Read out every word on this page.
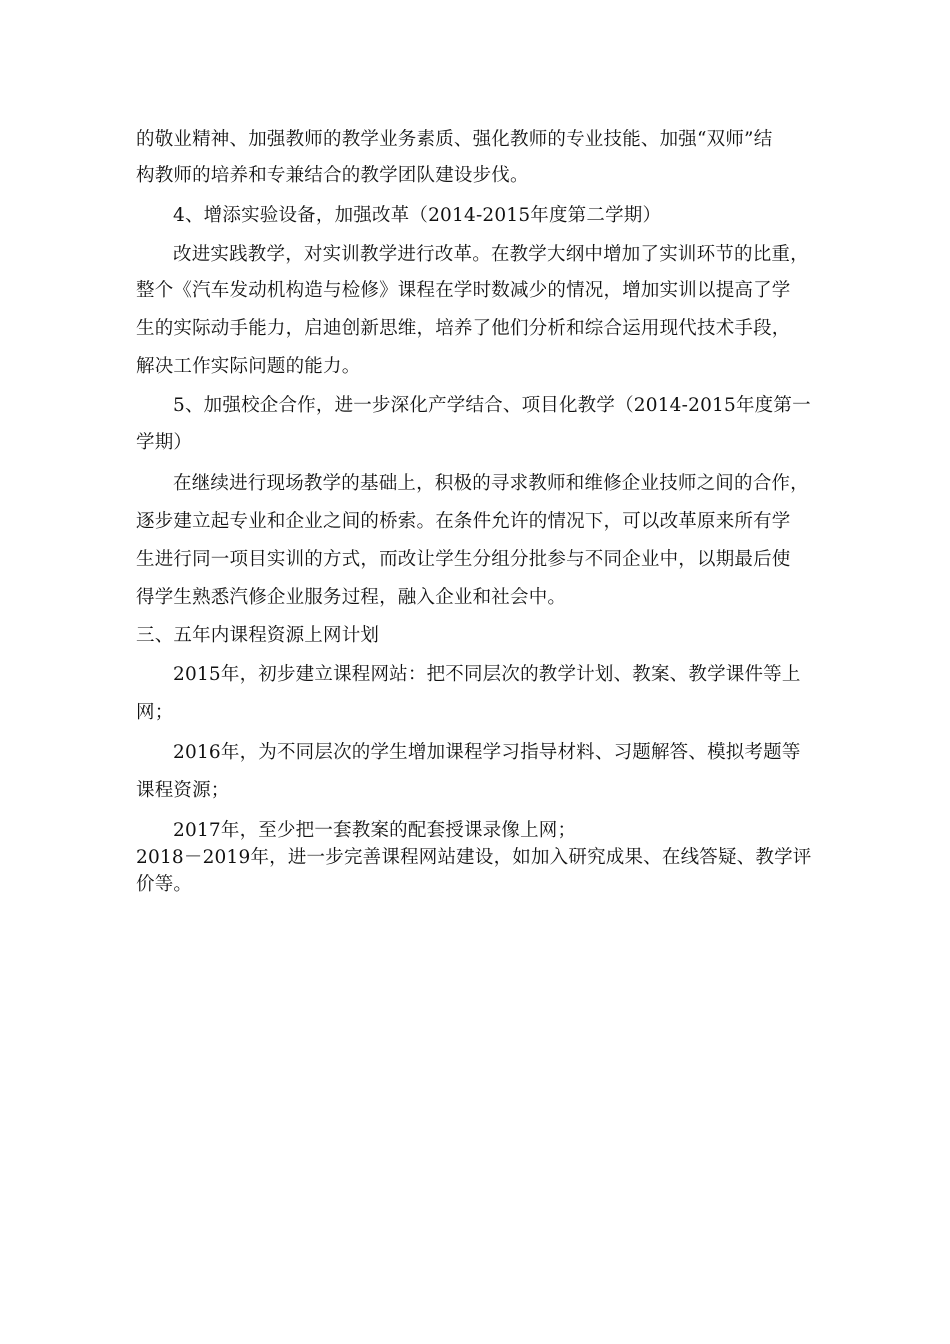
的敬业精神、加强教师的教学业务素质、强化教师的专业技能、加强“双师”结
构教师的培养和专兼结合的教学团队建设步伐。
4、增添实验设备，加强改革（2014-2015年度第二学期）
改进实践教学，对实训教学进行改革。在教学大纲中增加了实训环节的比重，
整个《汽车发动机构造与检修》课程在学时数减少的情况，增加实训以提高了学
生的实际动手能力，启迪创新思维，培养了他们分析和综合运用现代技术手段，
解决工作实际问题的能力。
5、加强校企合作，进一步深化产学结合、项目化教学（2014-2015年度第一
学期）
在继续进行现场教学的基础上，积极的寻求教师和维修企业技师之间的合作，
逐步建立起专业和企业之间的桥索。在条件允许的情况下，可以改革原来所有学
生进行同一项目实训的方式，而改让学生分组分批参与不同企业中，以期最后使
得学生熟悉汽修企业服务过程，融入企业和社会中。
三、五年内课程资源上网计划
2015年，初步建立课程网站：把不同层次的教学计划、教案、教学课件等上
网；
2016年，为不同层次的学生增加课程学习指导材料、习题解答、模拟考题等
课程资源；
2017年，至少把一套教案的配套授课录像上网；
2018－2019年，进一步完善课程网站建设，如加入研究成果、在线答疑、教学评
价等。
